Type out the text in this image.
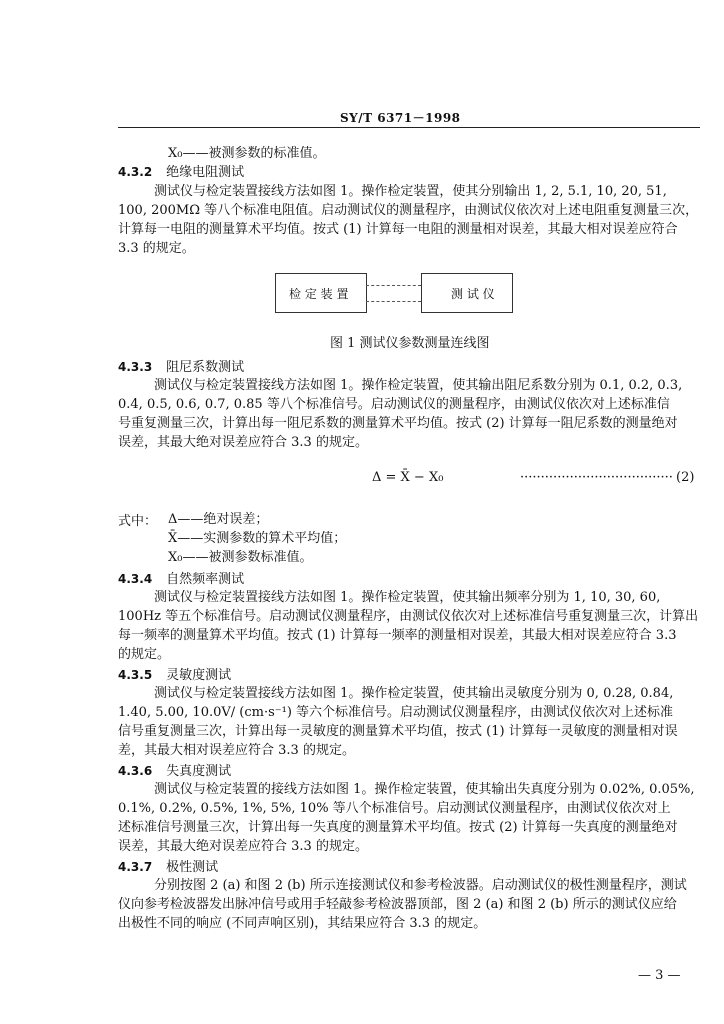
SY/T 6371－1998
X₀——被测参数的标准值。
4.3.2 绝缘电阻测试
测试仪与检定装置接线方法如图 1。操作检定装置，使其分别输出 1, 2, 5.1, 10, 20, 51,
100, 200MΩ 等八个标准电阻值。启动测试仪的测量程序，由测试仪依次对上述电阻重复测量三次，
计算每一电阻的测量算术平均值。按式 (1) 计算每一电阻的测量相对误差，其最大相对误差应符合
3.3 的规定。
检 定 装 置	测 试 仪
图 1 测试仪参数测量连线图
4.3.3 阻尼系数测试
测试仪与检定装置接线方法如图 1。操作检定装置，使其输出阻尼系数分别为 0.1, 0.2, 0.3,
0.4, 0.5, 0.6, 0.7, 0.85 等八个标准信号。启动测试仪的测量程序，由测试仪依次对上述标准信
号重复测量三次，计算出每一阻尼系数的测量算术平均值。按式 (2) 计算每一阻尼系数的测量绝对
误差，其最大绝对误差应符合 3.3 的规定。
Δ = X̄ − X₀	····································· (2)
式中： Δ——绝对误差；
X̄——实测参数的算术平均值；
X₀——被测参数标准值。
4.3.4 自然频率测试
测试仪与检定装置接线方法如图 1。操作检定装置，使其输出频率分别为 1, 10, 30, 60,
100Hz 等五个标准信号。启动测试仪测量程序，由测试仪依次对上述标准信号重复测量三次，计算出
每一频率的测量算术平均值。按式 (1) 计算每一频率的测量相对误差，其最大相对误差应符合 3.3
的规定。
4.3.5 灵敏度测试
测试仪与检定装置接线方法如图 1。操作检定装置，使其输出灵敏度分别为 0, 0.28, 0.84,
1.40, 5.00, 10.0V/ (cm·s⁻¹) 等六个标准信号。启动测试仪测量程序，由测试仪依次对上述标准
信号重复测量三次，计算出每一灵敏度的测量算术平均值，按式 (1) 计算每一灵敏度的测量相对误
差，其最大相对误差应符合 3.3 的规定。
4.3.6 失真度测试
测试仪与检定装置的接线方法如图 1。操作检定装置，使其输出失真度分别为 0.02%, 0.05%,
0.1%, 0.2%, 0.5%, 1%, 5%, 10% 等八个标准信号。启动测试仪测量程序，由测试仪依次对上
述标准信号测量三次，计算出每一失真度的测量算术平均值。按式 (2) 计算每一失真度的测量绝对
误差，其最大绝对误差应符合 3.3 的规定。
4.3.7 极性测试
分别按图 2 (a) 和图 2 (b) 所示连接测试仪和参考检波器。启动测试仪的极性测量程序，测试
仪向参考检波器发出脉冲信号或用手轻敲参考检波器顶部，图 2 (a) 和图 2 (b) 所示的测试仪应给
出极性不同的响应 (不同声响区别)，其结果应符合 3.3 的规定。
— 3 —
